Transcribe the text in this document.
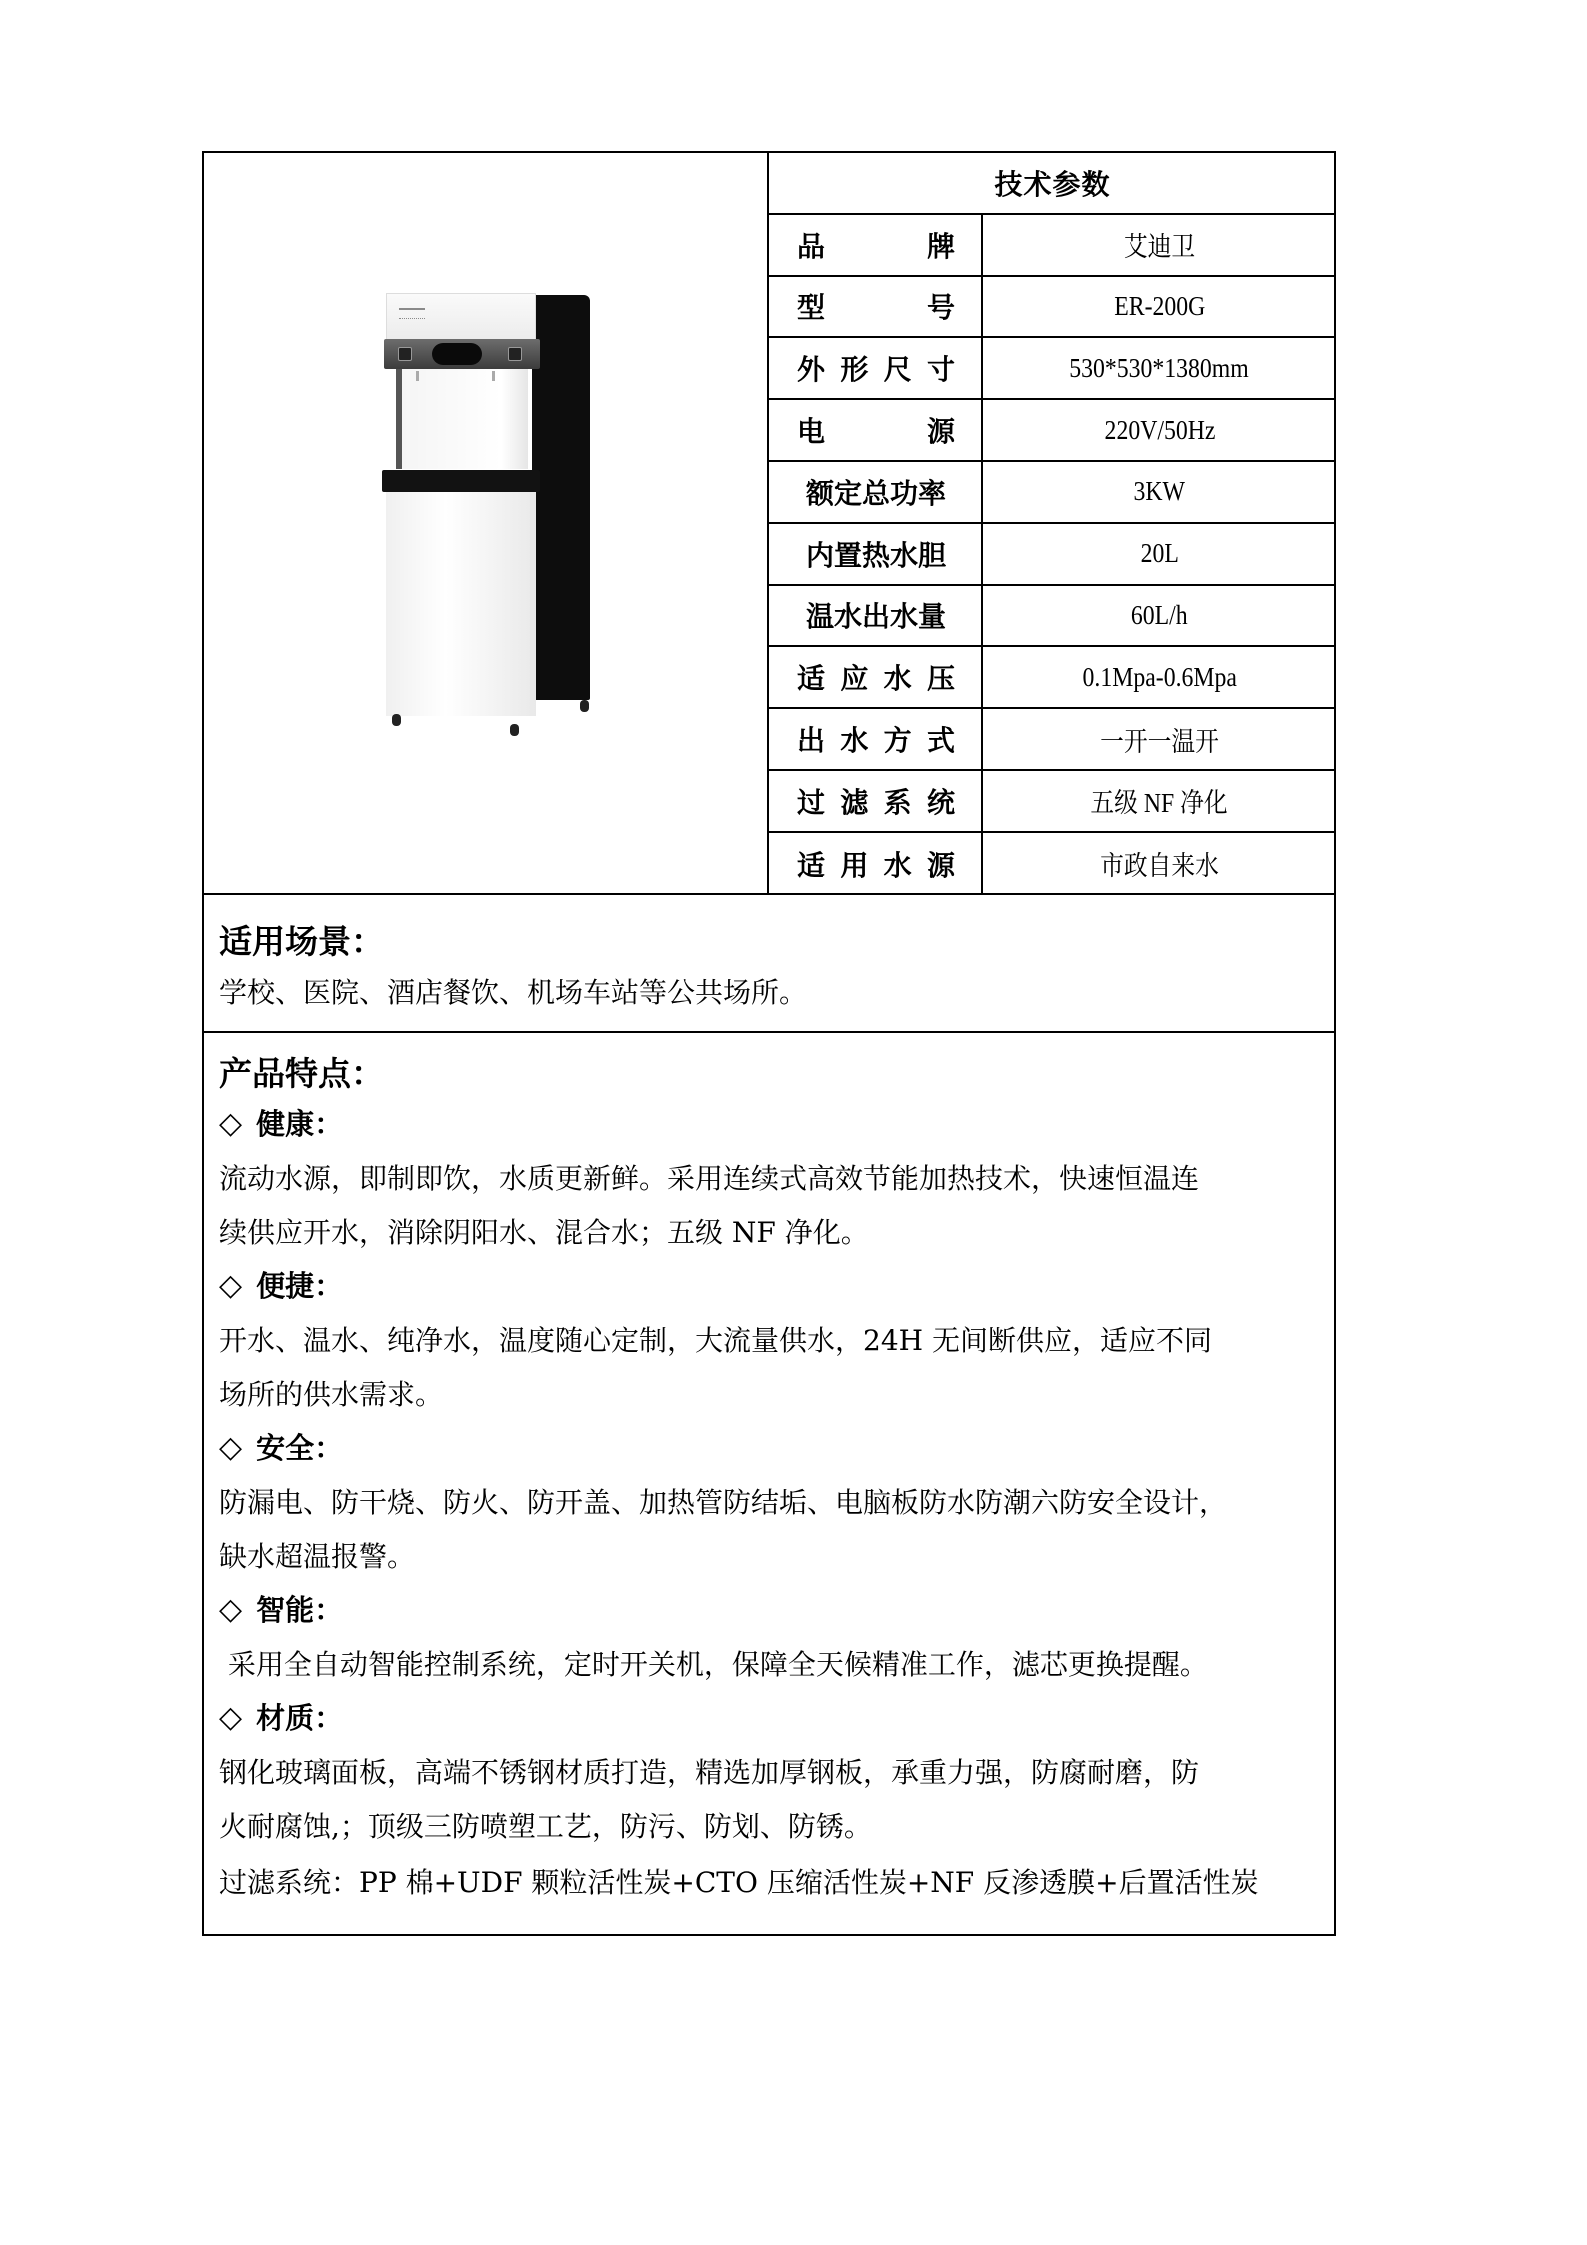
技术参数
品	牌	艾迪卫
型	号	ER-200G
外 形 尺 寸	530*530*1380mm
电	源	220V/50Hz
额定总功率	3KW
内置热水胆	20L
温水出水量	60L/h
适 应 水 压	0.1Mpa-0.6Mpa
出 水 方 式	一开一温开
过 滤 系 统	五级 NF 净化
适 用 水 源	市政自来水
适用场景：
学校、医院、酒店餐饮、机场车站等公共场所。
产品特点：
◇ 健康：
流动水源，即制即饮，水质更新鲜。采用连续式高效节能加热技术，快速恒温连
续供应开水，消除阴阳水、混合水；五级 NF 净化。
◇ 便捷：
开水、温水、纯净水，温度随心定制，大流量供水，24H 无间断供应，适应不同
场所的供水需求。
◇ 安全：
防漏电、防干烧、防火、防开盖、加热管防结垢、电脑板防水防潮六防安全设计，
缺水超温报警。
◇ 智能：
采用全自动智能控制系统，定时开关机，保障全天候精准工作，滤芯更换提醒。
◇ 材质：
钢化玻璃面板，高端不锈钢材质打造，精选加厚钢板，承重力强，防腐耐磨，防
火耐腐蚀,；顶级三防喷塑工艺，防污、防划、防锈。
过滤系统：PP 棉+UDF 颗粒活性炭+CTO 压缩活性炭+NF 反渗透膜+后置活性炭
